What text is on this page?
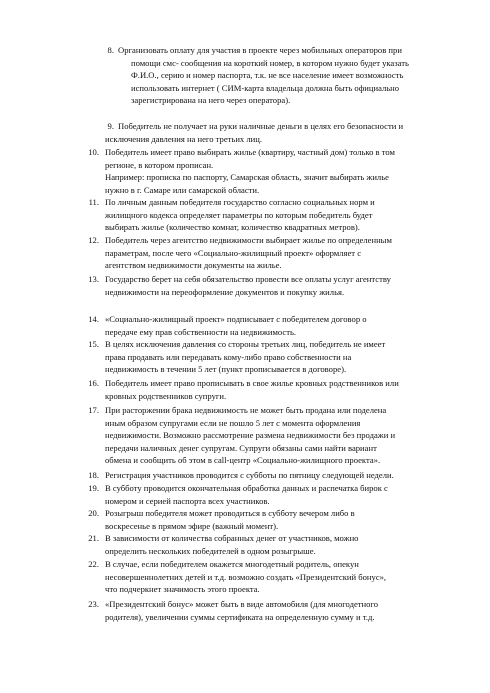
8. Организовать оплату для участия в проекте через мобильных операторов при
помощи смс- сообщения на короткий номер, в котором нужно будет указать
Ф.И.О., серию и номер паспорта, т.к. не все население имеет возможность
использовать интернет ( СИМ-карта владельца должна быть официально
зарегистрирована на него через оператора).
9. Победитель не получает на руки наличные деньги в целях его безопасности и
исключения давления на него третьих лиц.
10. Победитель имеет право выбирать жилье (квартиру, частный дом) только в том
регионе, в котором прописан.
Например: прописка по паспорту, Самарская область, значит выбирать жилье
нужно в г. Самаре или самарской области.
11. По личным данным победителя государство согласно социальных норм и
жилищного кодекса определяет параметры по которым победитель будет
выбирать жилье (количество комнат, количество квадратных метров).
12. Победитель через агентство недвижимости выбирает жилье по определенным
параметрам, после чего «Социально-жилищный проект» оформляет с
агентством недвижимости документы на жилье.
13. Государство берет на себя обязательство провести все оплаты услуг агентству
недвижимости на переоформление документов и покупку жилья.
14. «Социально-жилищный проект» подписывает с победителем договор о
передаче ему прав собственности на недвижимость.
15. В целях исключения давления со стороны третьих лиц, победитель не имеет
права продавать или передавать кому-либо право собственности на
недвижимость в течении 5 лет (пункт прописывается в договоре).
16. Победитель имеет право прописывать в свое жилье кровных родственников или
кровных родственников супруги.
17. При расторжении брака недвижимость не может быть продана или поделена
иным образом супругами если не пошло 5 лет с момента оформления
недвижимости. Возможно рассмотрение размена недвижимости без продажи и
передачи наличных денег супругам. Супруги обязаны сами найти вариант
обмена и сообщить об этом в саll-центр «Социально-жилищного проекта».
18. Регистрация участников проводится с субботы по пятницу следующей недели.
19. В субботу проводится окончательная обработка данных и распечатка бирок с
номером и серией паспорта всех участников.
20. Розыгрыш победителя может проводиться в субботу вечером либо в
воскресенье в прямом эфире (важный момент).
21. В зависимости от количества собранных денег от участников, можно
определить нескольких победителей в одном розыгрыше.
22. В случае, если победителем окажется многодетный родитель, опекун
несовершеннолетних детей и т.д. возможно создать «Президентский бонус»,
что подчеркнет значимость этого проекта.
23. «Президентский бонус» может быть в виде автомобиля (для многодетного
родителя), увеличении суммы сертификата на определенную сумму и т.д.
